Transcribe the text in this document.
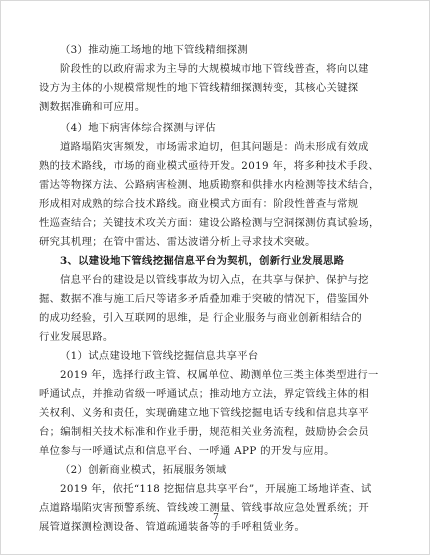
（3）推动施工场地的地下管线精细探测

阶段性的以政府需求为主导的大规模城市地下管线普查，将向以建

设方为主体的小规模常规性的地下管线精细探测转变，其核心关键探

测数据准确和可应用。

（4）地下病害体综合探测与评估

道路塌陷灾害频发，市场需求迫切，但其问题是：尚未形成有效成

熟的技术路线，市场的商业模式亟待开发。2019 年，将多种技术手段、

雷达等物探方法、公路病害检测、地质勘察和供排水内检测等技术结合，

形成相对成熟的综合技术路线。商业模式方面有：阶段性普查与常规

性巡查结合；关键技术攻关方面：建设公路检测与空洞探测仿真试验场，

研究其机理；在管中雷达、雷达波谱分析上寻求技术突破。

3、以建设地下管线挖掘信息平台为契机，创新行业发展思路

信息平台的建设是以管线事故为切入点，在共享与保护、保护与挖

掘、数据不准与施工后尺等诸多矛盾叠加难于突破的情况下，借鉴国外

的成功经验，引入互联网的思维，是 行企业服务与商业创新相结合的

行业发展思路。

（1）试点建设地下管线挖掘信息共享平台

2019 年，选择行政主管、权属单位、勘测单位三类主体类型进行一

呼通试点，并推动省级一呼通试点；推动地方立法，界定管线主体的相

关权利、义务和责任，实现确建立地下管线挖掘电话专线和信息共享平

台；编制相关技术标准和作业手册，规范相关业务流程，鼓励协会会员

单位参与一呼通试点和信息平台、一呼通 APP 的开发与应用。

（2）创新商业模式，拓展服务领域

2019 年，依托“118 挖掘信息共享平台”，开展施工场地详查、试

点道路塌陷灾害预警系统、管线竣工测量、管线事故应急处置系统；开

展管道探测检测设备、管道疏通装备等的手呼租赁业务。

7
